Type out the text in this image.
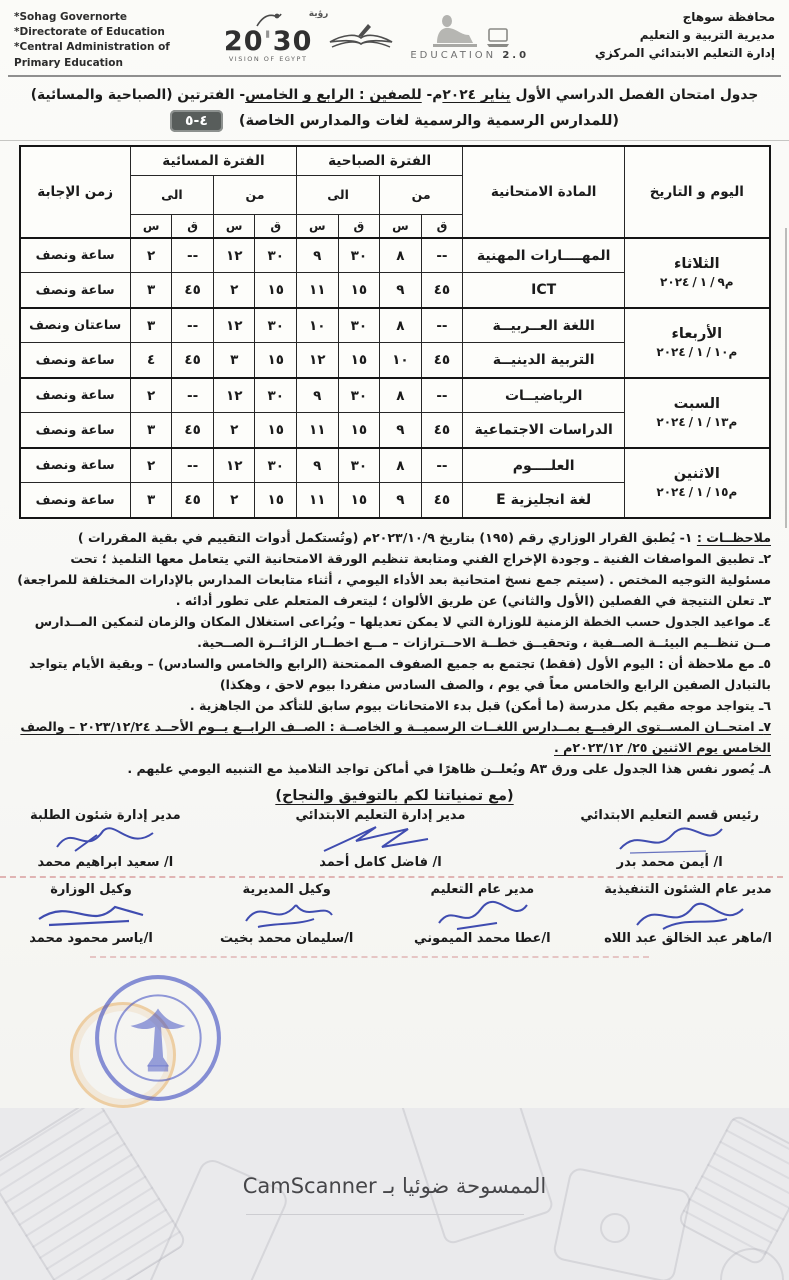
محافظة سوهاج
مديرية التربية و التعليم
إدارة التعليم الابتدائي المركزي
رؤية
20'30
VISION OF EGYPT	EDUCATION 2.0
*Sohag Governorte
*Directorate of Education
*Central Administration of
Primary Education

جدول امتحان الفصل الدراسي الأول يناير ٢٠٢٤م- للصفين : الرابع و الخامس- الفترتين (الصباحية والمسائية)

(للمدارس الرسمية والرسمية لغات والمدارس الخاصة)
٤-٥
اليوم و التاريخ	المادة الامتحانية	الفترة الصباحية				الفترة المسائية				زمن الإجابة
		من		الى		من		الى		
		ق	س	ق	س	ق	س	ق	س	

الثلاثاء
م٢٠٢٤ / ١ / ٩	المهــــارات المهنية	--	٨	٣٠	٩	٣٠	١٢	--	٢	ساعة ونصف
	ICT	٤٥	٩	١٥	١١	١٥	٢	٤٥	٣	ساعة ونصف

الأربعاء
م٢٠٢٤ / ١ / ١٠	اللغة العــربيــة	--	٨	٣٠	١٠	٣٠	١٢	--	٣	ساعتان ونصف
	التربية الدينيــة	٤٥	١٠	١٥	١٢	١٥	٣	٤٥	٤	ساعة ونصف

السبت
م٢٠٢٤ / ١ / ١٣	الرياضيــات	--	٨	٣٠	٩	٣٠	١٢	--	٢	ساعة ونصف
	الدراسات الاجتماعية	٤٥	٩	١٥	١١	١٥	٢	٤٥	٣	ساعة ونصف

الاثنين
م٢٠٢٤ / ١ / ١٥	العلــــوم	--	٨	٣٠	٩	٣٠	١٢	--	٢	ساعة ونصف
	لغة انجليزية E	٤٥	٩	١٥	١١	١٥	٢	٤٥	٣	ساعة ونصف

ملاحظــات : ١- يُطبق القرار الوزاري رقم (١٩٥) بتاريخ ٢٠٢٣/١٠/٩م (وتُستكمل أدوات التقييم في بقية المقررات )

٢ـ تطبيق المواصفات الفنية ـ وجودة الإخراج الفني ومتابعة تنظيم الورقة الامتحانية التي يتعامل معها التلميذ ؛ تحت مسئولية التوجيه المختص . (سيتم جمع نسخ امتحانية بعد الأداء اليومي ، أثناء متابعات المدارس بالإدارات المختلفة للمراجعة)

٣ـ تعلن النتيجة في الفصلين (الأول والثاني) عن طريق الألوان ؛ ليتعرف المتعلم على تطور أدائه .

٤ـ مواعيد الجدول حسب الخطة الزمنية للوزارة التي لا يمكن تعديلها – ويُراعى استغلال المكان والزمان لتمكين المــدارس مــن تنظــيم البيئــة الصــفية ، وتحقيــق خطــة الاحــترازات – مــع اخطــار الزائــرة الصــحية.

٥ـ مع ملاحظة أن : اليوم الأول (فقط) تجتمع به جميع الصفوف الممتحنة (الرابع والخامس والسادس) – وبقية الأيام يتواجد بالتبادل الصفين الرابع والخامس معاً في يوم ، والصف السادس منفردا بيوم لاحق ، وهكذا)

٦ـ يتواجد موجه مقيم بكل مدرسة (ما أمكن) قبل بدء الامتحانات بيوم سابق للتأكد من الجاهزية .

٧ـ امتحــان المســتوى الرفيــع بمــدارس اللغــات الرسميــة و الخاصــة : الصــف الرابــع يــوم الأحــد ٢٠٢٣/١٢/٢٤ – والصف الخامس يوم الاثنين ٢٥/ ٢٠٢٣/١٢م .

٨ـ يُصور نفس هذا الجدول على ورق A٣ ويُعلــن ظاهرًا في أماكن تواجد التلاميذ مع التنبيه اليومي عليهم .

(مع تمنياتنا لكم بالتوفيق والنجاح)

رئيس قسم التعليم الابتدائي
ا/ أيمن محمد بدر
مدير إدارة التعليم الابتدائي
ا/ فاضل كامل أحمد
مدير إدارة شئون الطلبة
ا/ سعيد ابراهيم محمد
مدير عام الشئون التنفيذية
ا/ماهر عبد الخالق عبد اللاه
مدير عام التعليم
ا/عطا محمد الميموني
وكيل المديرية
ا/سليمان محمد بخيت
وكيل الوزارة
ا/ياسر محمود محمد
الممسوحة ضوئيا بـ CamScanner
